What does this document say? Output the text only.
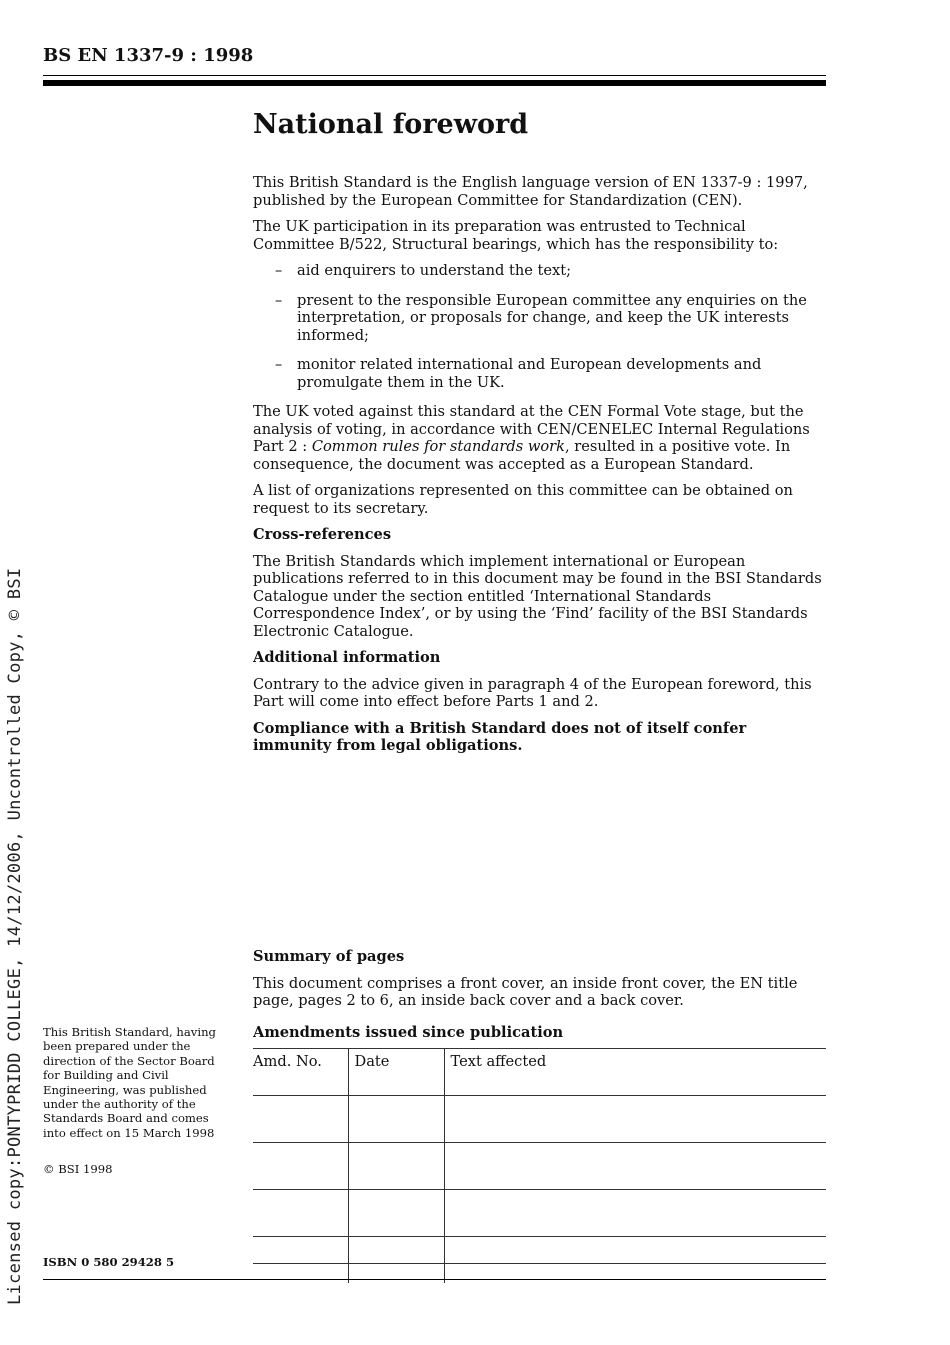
BS EN 1337-9 : 1998
Licensed copy:PONTYPRIDD COLLEGE, 14/12/2006, Uncontrolled Copy, © BSI
National foreword

This British Standard is the English language version of EN 1337-9 : 1997, published by the European Committee for Standardization (CEN).

The UK participation in its preparation was entrusted to Technical Committee B/522, Structural bearings, which has the responsibility to:

– aid enquirers to understand the text;
– present to the responsible European committee any enquiries on the interpretation, or proposals for change, and keep the UK interests informed;
– monitor related international and European developments and promulgate them in the UK.

The UK voted against this standard at the CEN Formal Vote stage, but the analysis of voting, in accordance with CEN/CENELEC Internal Regulations Part 2 : Common rules for standards work, resulted in a positive vote. In consequence, the document was accepted as a European Standard.

A list of organizations represented on this committee can be obtained on request to its secretary.

Cross-references

The British Standards which implement international or European publications referred to in this document may be found in the BSI Standards Catalogue under the section entitled ‘International Standards Correspondence Index’, or by using the ‘Find’ facility of the BSI Standards Electronic Catalogue.

Additional information

Contrary to the advice given in paragraph 4 of the European foreword, this Part will come into effect before Parts 1 and 2.

Compliance with a British Standard does not of itself confer immunity from legal obligations.

Summary of pages

This document comprises a front cover, an inside front cover, the EN title page, pages 2 to 6, an inside back cover and a back cover.

Amendments issued since publication
Amd. No.	Date	Text affected

This British Standard, having been prepared under the direction of the Sector Board for Building and Civil Engineering, was published under the authority of the Standards Board and comes into effect on 15 March 1998

© BSI 1998

ISBN 0 580 29428 5
